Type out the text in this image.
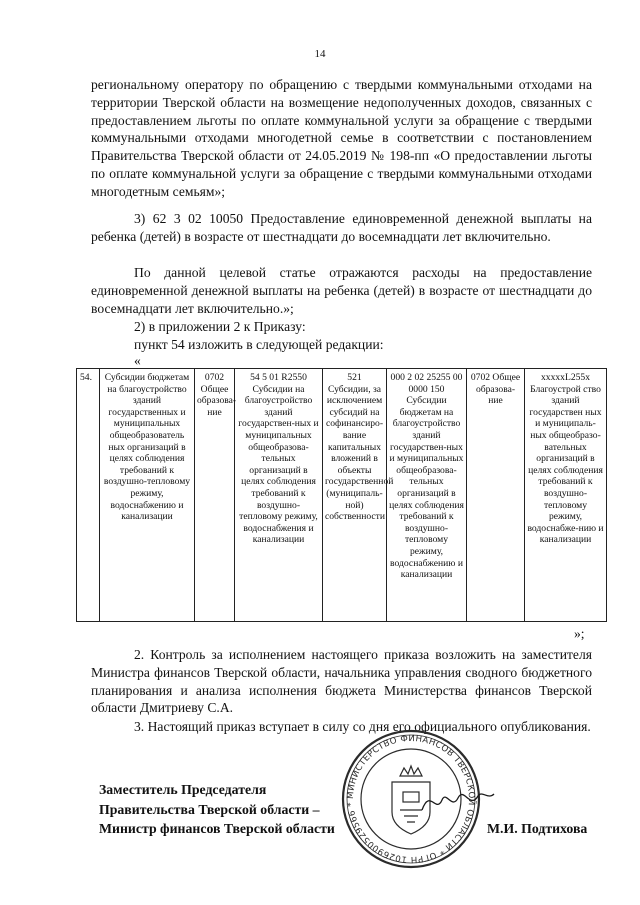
14

региональному оператору по обращению с твердыми коммунальными отходами на территории Тверской области на возмещение недополученных доходов, связанных с предоставлением льготы по оплате коммунальной услуги за обращение с твердыми коммунальными отходами многодетной семье в соответствии с постановлением Правительства Тверской области от 24.05.2019 № 198-пп «О предоставлении льготы по оплате коммунальной услуги за обращение с твердыми коммунальными отходами многодетным семьям»;

3) 62 3 02 10050 Предоставление единовременной денежной выплаты на ребенка (детей) в возрасте от шестнадцати до восемнадцати лет включительно.

По данной целевой статье отражаются расходы на предоставление единовременной денежной выплаты на ребенка (детей) в возрасте от шестнадцати до восемнадцати лет включительно.»;

2) в приложении 2 к Приказу:
пункт 54 изложить в следующей редакции:
«
54.	Субсидии бюджетам на благоустройство зданий государственных и муниципальных общеобразователь ных организаций в целях соблюдения требований к воздушно-тепловому режиму, водоснабжению и канализации	0702 Общее образова-ние	54 5 01 R2550 Субсидии на благоустройство зданий государствен-ных и муниципальных общеобразова-тельных организаций в целях соблюдения требований к воздушно-тепловому режиму, водоснабжения и канализации	521 Субсидии, за исключением субсидий на софинансиро-вание капитальных вложений в объекты государственной (муниципаль-ной) собственности	000 2 02 25255 00 0000 150 Субсидии бюджетам на благоустройство зданий государствен-ных и муниципальных общеобразова-тельных организаций в целях соблюдения требований к воздушно-тепловому режиму, водоснабжению и канализации	0702 Общее образова-ние	xxxxxL255x Благоустрой ство зданий государствен ных и муниципаль-ных общеобразо-вательных организаций в целях соблюдения требований к воздушно-тепловому режиму, водоснабже-нию и канализации
»;

2. Контроль за исполнением настоящего приказа возложить на заместителя Министра финансов Тверской области, начальника управления сводного бюджетного планирования и анализа исполнения бюджета Министерства финансов Тверской области Дмитриеву С.А.

3. Настоящий приказ вступает в силу со дня его официального опубликования.

Заместитель Председателя
Правительства Тверской области –
Министр финансов Тверской области
МИНИСТЕРСТВО ФИНАНСОВ ТВЕРСКОЙ ОБЛАСТИ * ОГРН 1026900529566 *
М.И. Подтихова
